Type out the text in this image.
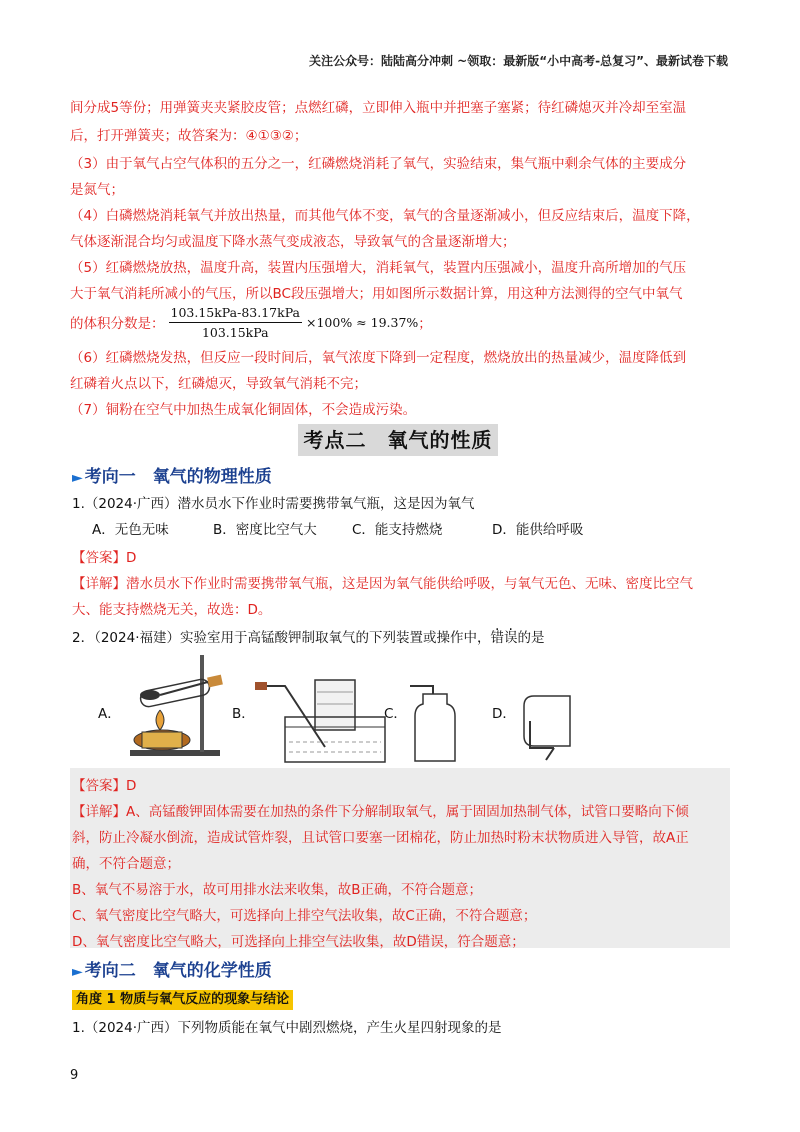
关注公众号：陆陆高分冲刺 ~领取：最新版“小中高考-总复习”、最新试卷下载
间分成5等份；用弹簧夹夹紧胶皮管；点燃红磷，立即伸入瓶中并把塞子塞紧；待红磷熄灭并冷却至室温
后，打开弹簧夹；故答案为：④①③②；
（3）由于氧气占空气体积的五分之一，红磷燃烧消耗了氧气，实验结束，集气瓶中剩余气体的主要成分
是氮气；
（4）白磷燃烧消耗氧气并放出热量，而其他气体不变，氧气的含量逐渐减小，但反应结束后，温度下降，
气体逐渐混合均匀或温度下降水蒸气变成液态，导致氧气的含量逐渐增大；
（5）红磷燃烧放热，温度升高，装置内压强增大，消耗氧气，装置内压强减小，温度升高所增加的气压
大于氧气消耗所减小的气压，所以BC段压强增大；用如图所示数据计算，用这种方法测得的空气中氧气
的体积分数是： $\frac{\text{103.15kPa-83.17kPa}}{\text{103.15kPa}} \times 100\% \approx 19.37\%$ ；
（6）红磷燃烧发热，但反应一段时间后，氧气浓度下降到一定程度，燃烧放出的热量减少，温度降低到
红磷着火点以下，红磷熄灭，导致氧气消耗不完；
（7）铜粉在空气中加热生成氧化铜固体，不会造成污染。
考点二　氧气的性质
► 考向一　氧气的物理性质
1.（2024·广西）潜水员水下作业时需要携带氧气瓶，这是因为氧气
A．无色无味	B．密度比空气大	C．能支持燃烧	D．能供给呼吸
【答案】D
【详解】潜水员水下作业时需要携带氧气瓶，这是因为氧气能供给呼吸，与氧气无色、无味、密度比空气
大、能支持燃烧无关，故选：D。
2．（2024·福建）实验室用于高锰酸钾制取氧气的下列装置或操作中，错误的是
A．	B．	C．	D．
【答案】D
【详解】A、高锰酸钾固体需要在加热的条件下分解制取氧气，属于固固加热制气体，试管口要略向下倾
斜，防止冷凝水倒流，造成试管炸裂，且试管口要塞一团棉花，防止加热时粉末状物质进入导管，故A正
确，不符合题意；
B、氧气不易溶于水，故可用排水法来收集，故B正确，不符合题意；
C、氧气密度比空气略大，可选择向上排空气法收集，故C正确，不符合题意；
D、氧气密度比空气略大，可选择向上排空气法收集，故D错误，符合题意；
► 考向二　氧气的化学性质
角度 1 物质与氧气反应的现象与结论
1.（2024·广西）下列物质能在氧气中剧烈燃烧，产生火星四射现象的是
9
